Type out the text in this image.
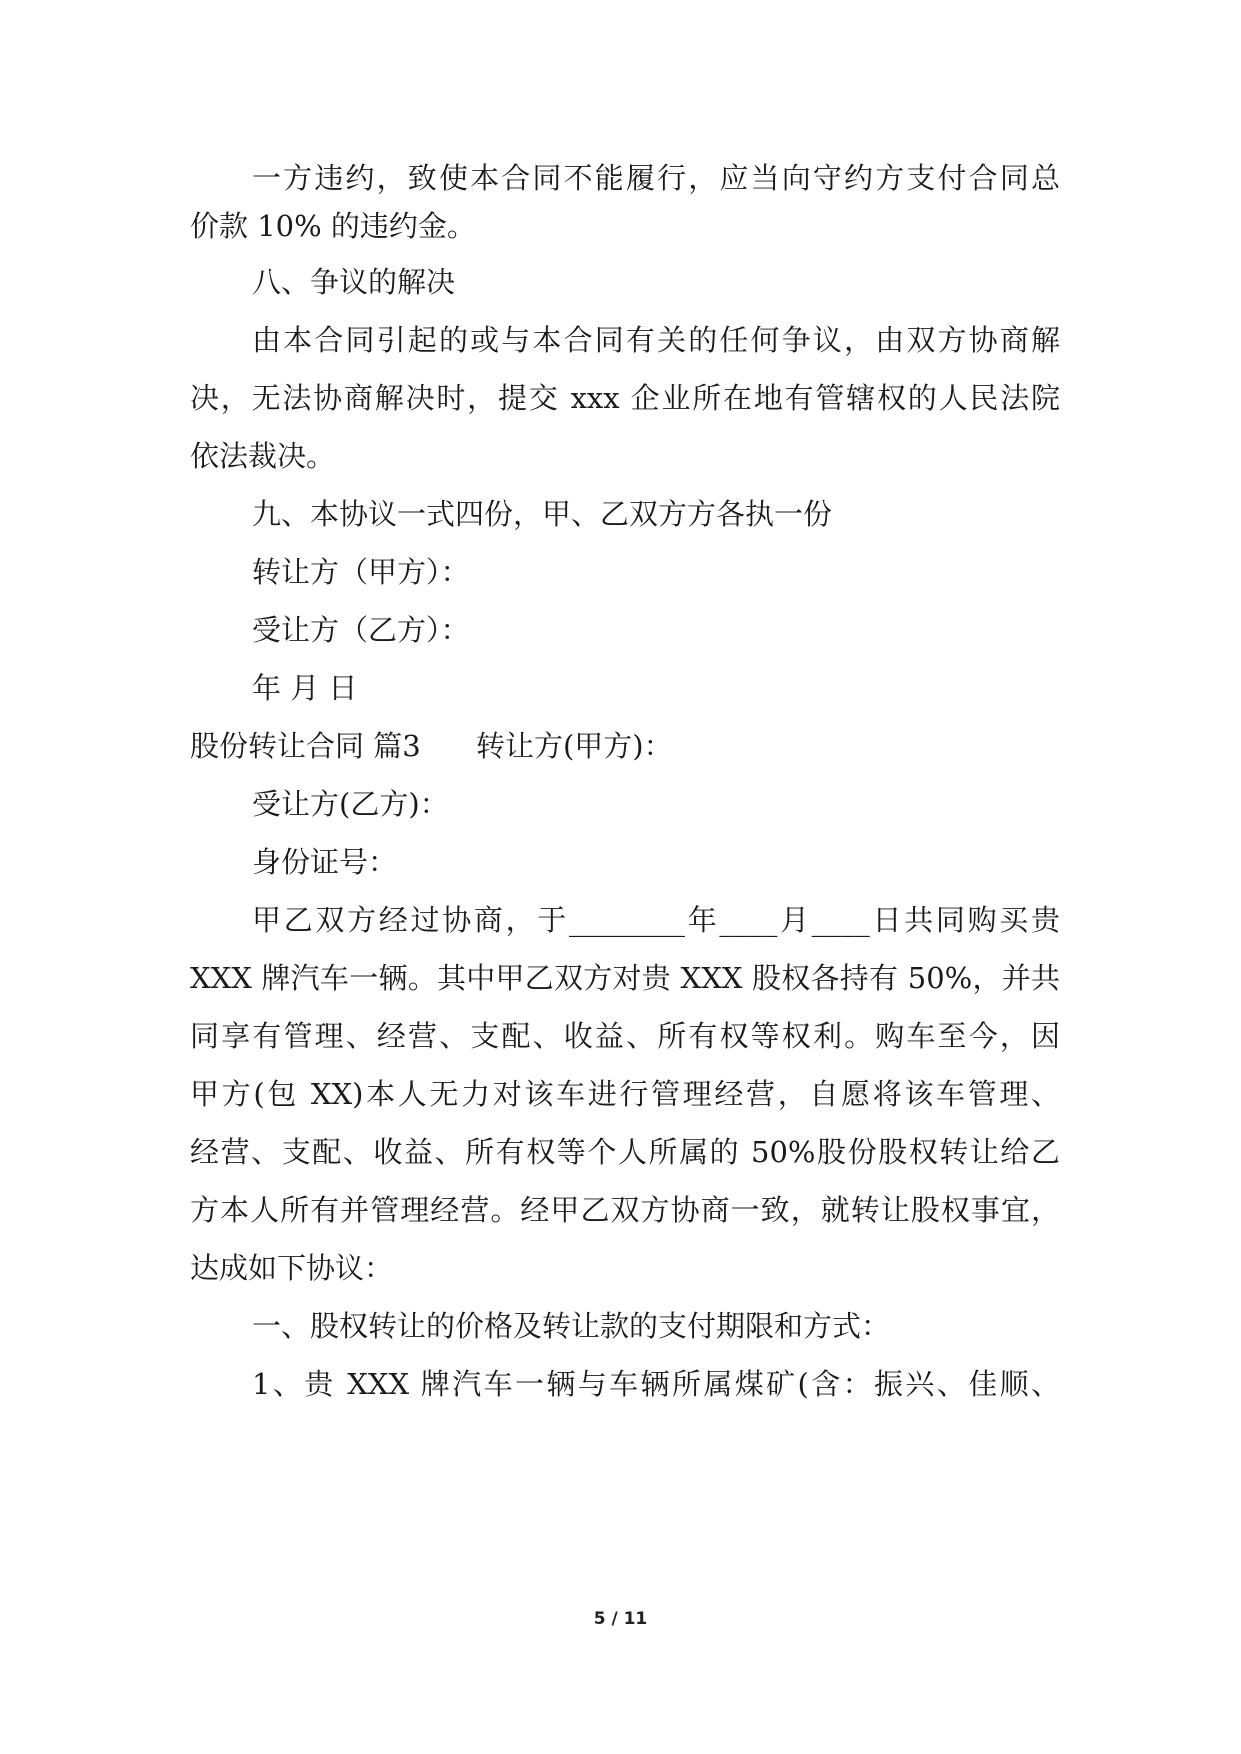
一方违约，致使本合同不能履行，应当向守约方支付合同总
价款 10% 的违约金。
八、争议的解决
由本合同引起的或与本合同有关的任何争议，由双方协商解
决，无法协商解决时，提交 xxx 企业所在地有管辖权的人民法院
依法裁决。
九、本协议一式四份，甲、乙双方方各执一份
转让方（甲方）：
受让方（乙方）：
年 月 日
股份转让合同 篇3      转让方(甲方)：
受让方(乙方)：
身份证号：
甲乙双方经过协商，于________年____月____日共同购买贵
XXX 牌汽车一辆。其中甲乙双方对贵 XXX 股权各持有 50%，并共
同享有管理、经营、支配、收益、所有权等权利。购车至今，因
甲方(包 XX)本人无力对该车进行管理经营，自愿将该车管理、
经营、支配、收益、所有权等个人所属的 50%股份股权转让给乙
方本人所有并管理经营。经甲乙双方协商一致，就转让股权事宜，
达成如下协议：
一、股权转让的价格及转让款的支付期限和方式：
1、贵 XXX 牌汽车一辆与车辆所属煤矿(含：振兴、佳顺、
5 / 11
